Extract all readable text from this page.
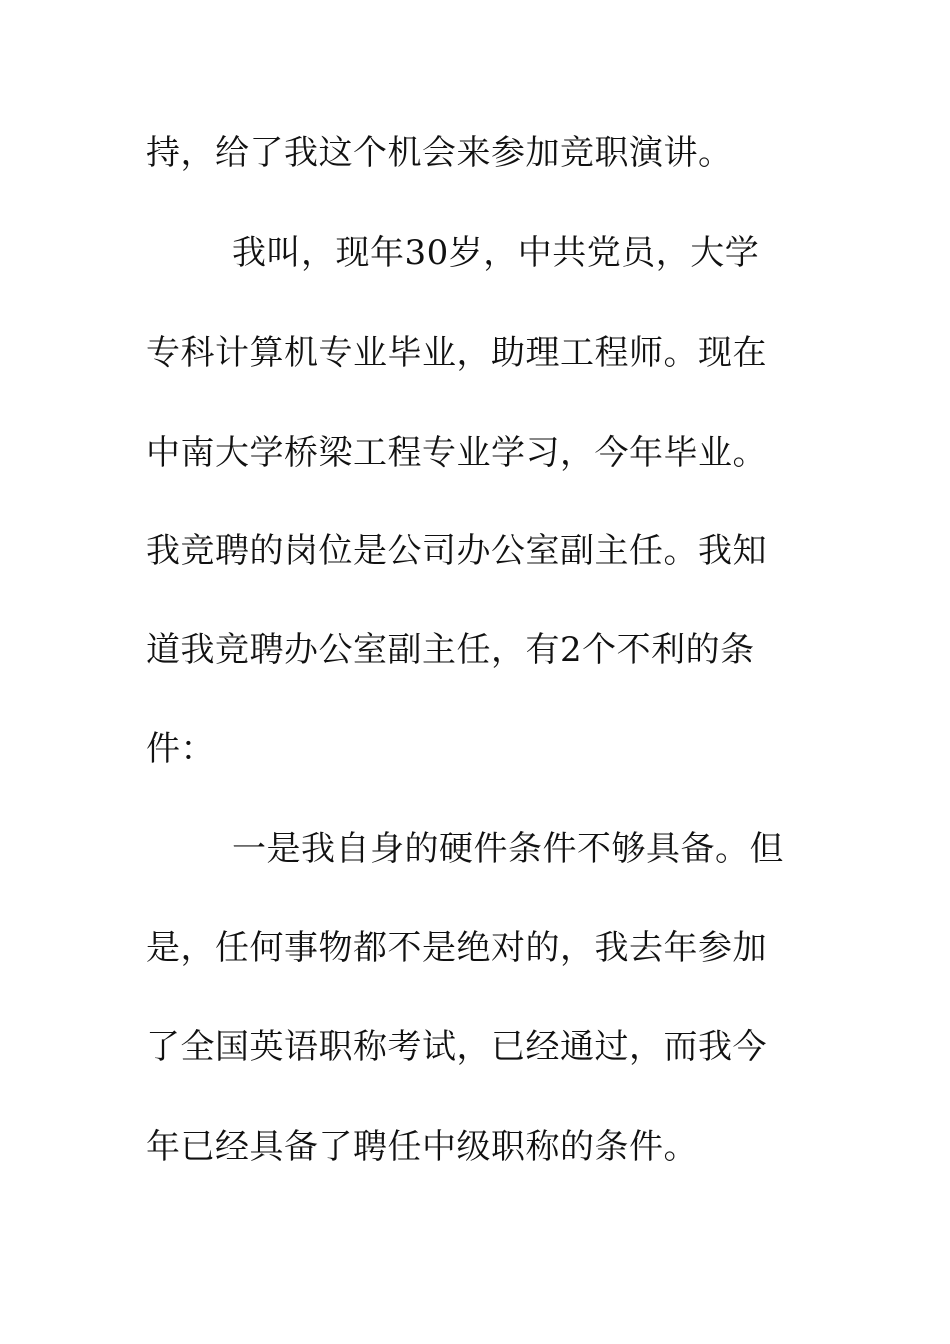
持，给了我这个机会来参加竞职演讲。
我叫，现年30岁，中共党员，大学
专科计算机专业毕业，助理工程师。现在
中南大学桥梁工程专业学习，今年毕业。
我竞聘的岗位是公司办公室副主任。我知
道我竞聘办公室副主任，有2个不利的条
件：
一是我自身的硬件条件不够具备。但
是，任何事物都不是绝对的，我去年参加
了全国英语职称考试，已经通过，而我今
年已经具备了聘任中级职称的条件。
